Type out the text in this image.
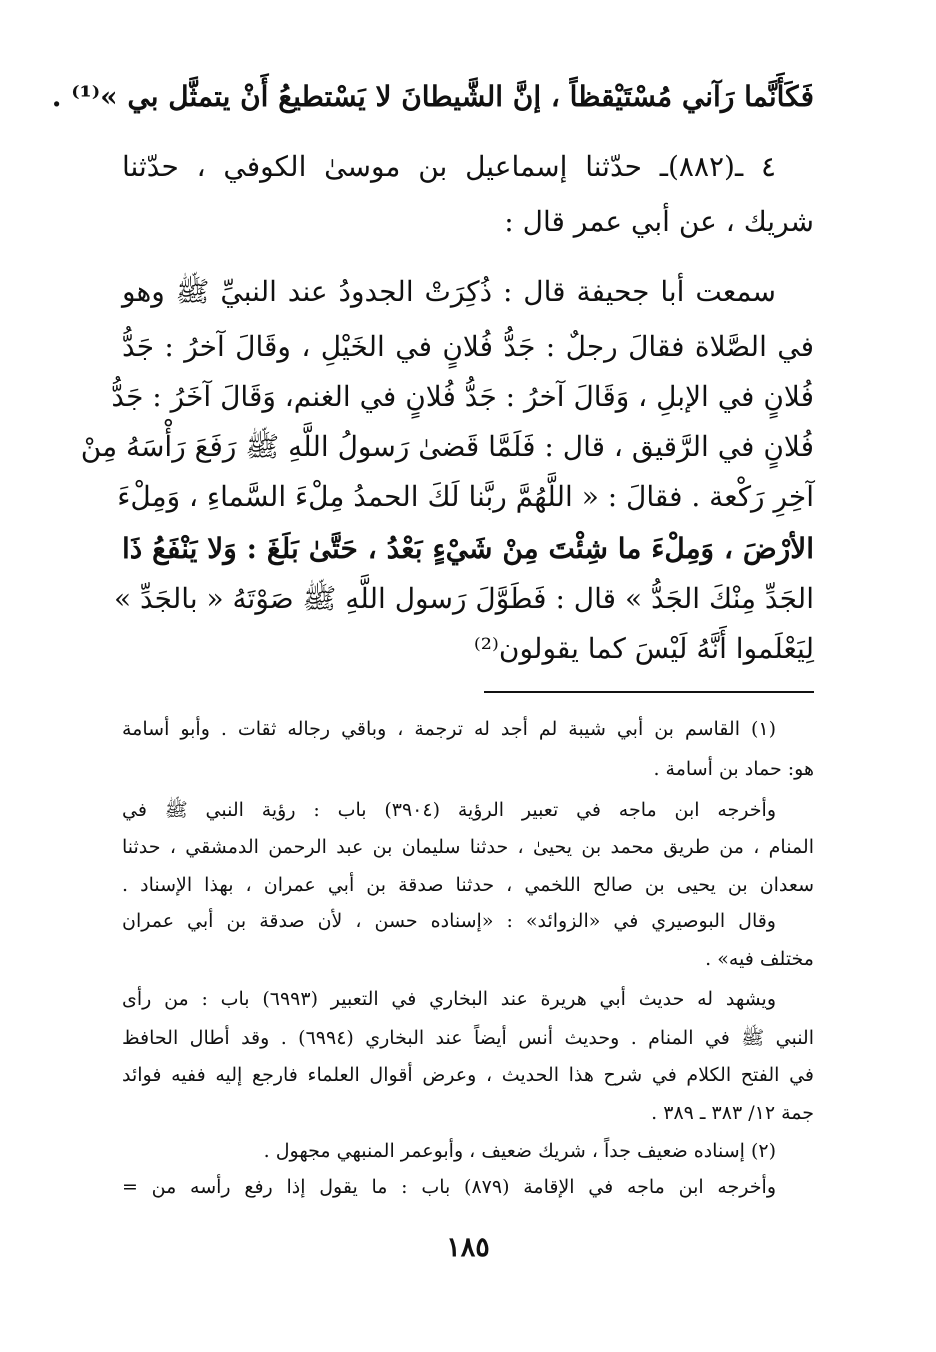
فَكَأَنَّما رَآني مُسْتَيْقظاً ، إنَّ الشَّيطانَ لا يَسْتطيعُ أَنْ يتمثَّل بي »⁽¹⁾ .
٤ ـ(٨٨٢)ـ حدّثنا إسماعيل بن موسىٰ الكوفي ، حدّثنا
شريك ، عن أبي عمر قال :
سمعت أبا جحيفة قال : ذُكِرَتْ الجدودُ عند النبيِّ ﷺ وهو
في الصَّلاة فقالَ رجلٌ : جَدُّ فُلانٍ في الخَيْلِ ، وقَالَ آخرُ : جَدُّ
فُلانٍ في الإبلِ ، وَقَالَ آخرُ : جَدُّ فُلانٍ في الغنم، وَقَالَ آخَرُ : جَدُّ
فُلانٍ في الرَّقيق ، قال : فَلَمَّا قَضىٰ رَسولُ اللَّهِ ﷺ رَفَعَ رَأْسَهُ مِنْ
آخِرِ رَكْعة . فقالَ : « اللَّهُمَّ ربَّنا لَكَ الحمدُ مِلْءَ السَّماءِ ، وَمِلْءَ
الأرْضَ ، وَمِلْءَ ما شِئْتَ مِنْ شَيْءٍ بَعْدُ ، حَتَّىٰ بَلَغَ : وَلا يَنْفَعُ ذَا
الجَدِّ مِنْكَ الجَدُّ » قال : فَطَوَّلَ رَسول اللَّهِ ﷺ صَوْتَهُ « بالجَدِّ »
لِيَعْلَموا أَنَّهُ لَيْسَ كما يقولون⁽²⁾
(١) القاسم بن أبي شيبة لم أجد له ترجمة ، وباقي رجاله ثقات . وأبو أسامة
هو: حماد بن أسامة .
وأخرجه ابن ماجه في تعبير الرؤية (٣٩٠٤) باب : رؤية النبي ﷺ في
المنام ، من طريق محمد بن يحيىٰ ، حدثنا سليمان بن عبد الرحمن الدمشقي ، حدثنا
سعدان بن يحيى بن صالح اللخمي ، حدثنا صدقة بن أبي عمران ، بهذا الإسناد .
وقال البوصيري في «الزوائد» : «إسناده حسن ، لأن صدقة بن أبي عمران
مختلف فيه» .
ويشهد له حديث أبي هريرة عند البخاري في التعبير (٦٩٩٣) باب : من رأى
النبي ﷺ في المنام . وحديث أنس أيضاً عند البخاري (٦٩٩٤) . وقد أطال الحافظ
في الفتح الكلام في شرح هذا الحديث ، وعرض أقوال العلماء فارجع إليه ففيه فوائد
جمة ١٢/ ٣٨٣ ـ ٣٨٩ .
(٢) إسناده ضعيف جداً ، شريك ضعيف ، وأبوعمر المنبهي مجهول .
وأخرجه ابن ماجه في الإقامة (٨٧٩) باب : ما يقول إذا رفع رأسه من =
١٨٥
